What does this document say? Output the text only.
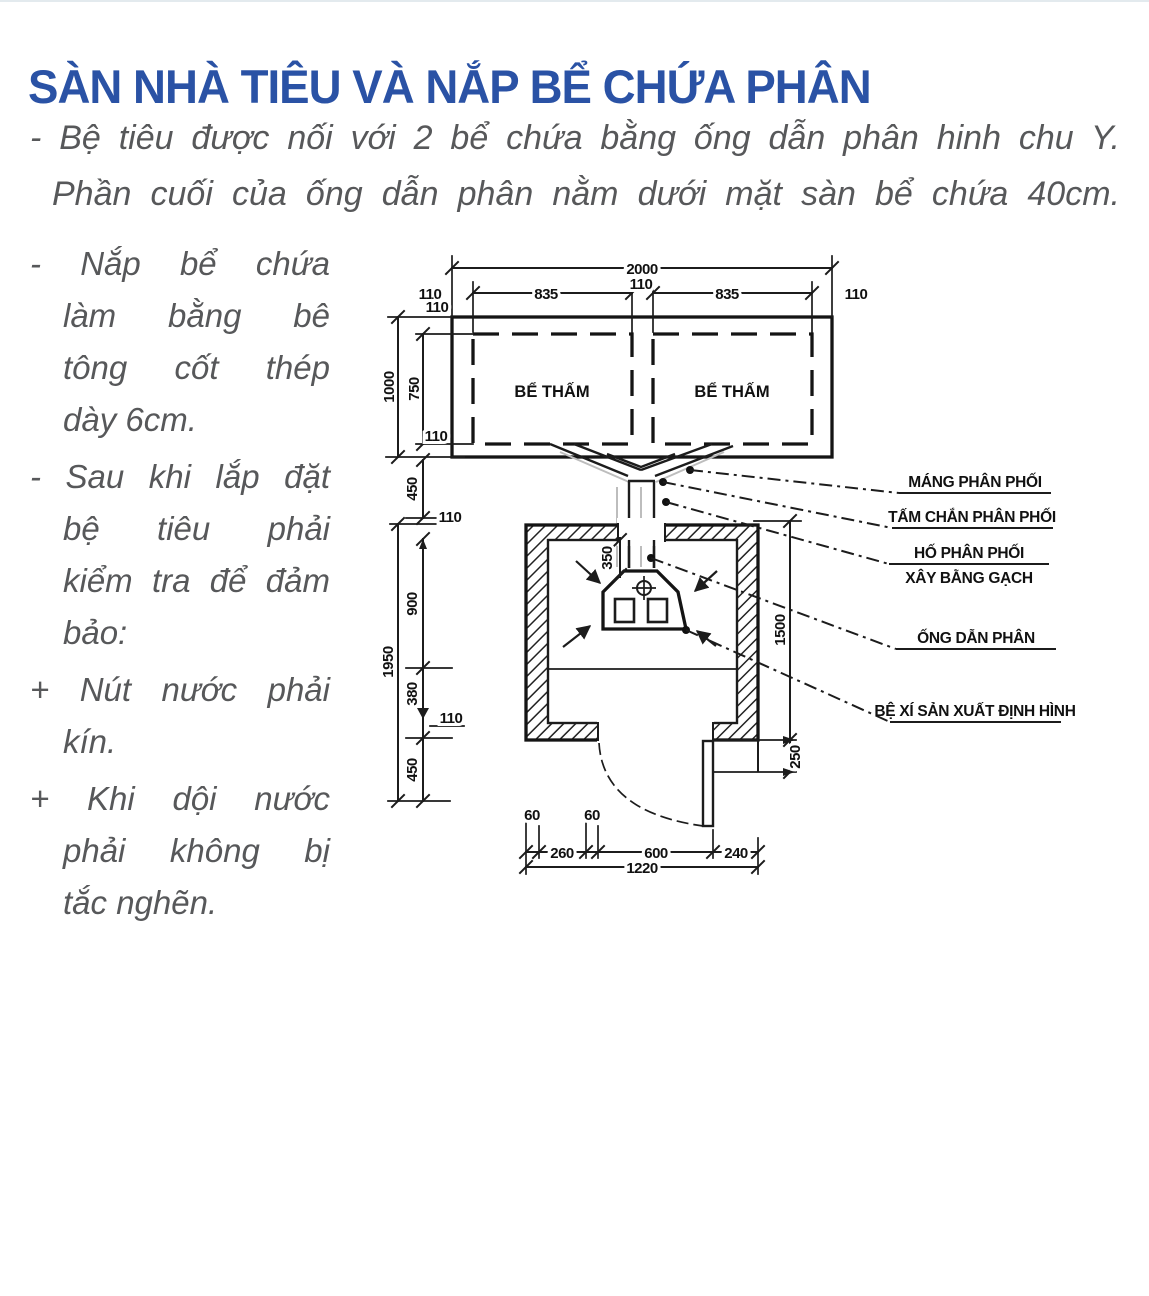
SÀN NHÀ TIÊU VÀ NẮP BỂ CHỨA PHÂN
- Bệ tiêu được nối với 2 bể chứa bằng ống dẫn phân hinh chu Y.
Phần cuối của ống dẫn phân nằm dưới mặt sàn bể chứa 40cm.
- Nắp bể chứa
làm bằng bê
tông cốt thép
dày 6cm.
- Sau khi lắp đặt
bệ tiêu phải
kiểm tra để đảm
bảo:
+ Nút nước phải
kín.
+ Khi dội nước
phải không bị
tắc nghẽn.
BỂ THẤM	BỂ THẤM
2000
835	835
110
110
110
110
110
110
110
1000 750
450
1950
900
380
450
350
1500
250
60	60
260	600	240
1220
MÁNG PHÂN PHỐI
TẤM CHẮN PHÂN PHỐI
HỐ PHÂN PHỐI
XÂY BẰNG GẠCH
ỐNG DẪN PHÂN
BỆ XÍ SẢN XUẤT ĐỊNH HÌNH
